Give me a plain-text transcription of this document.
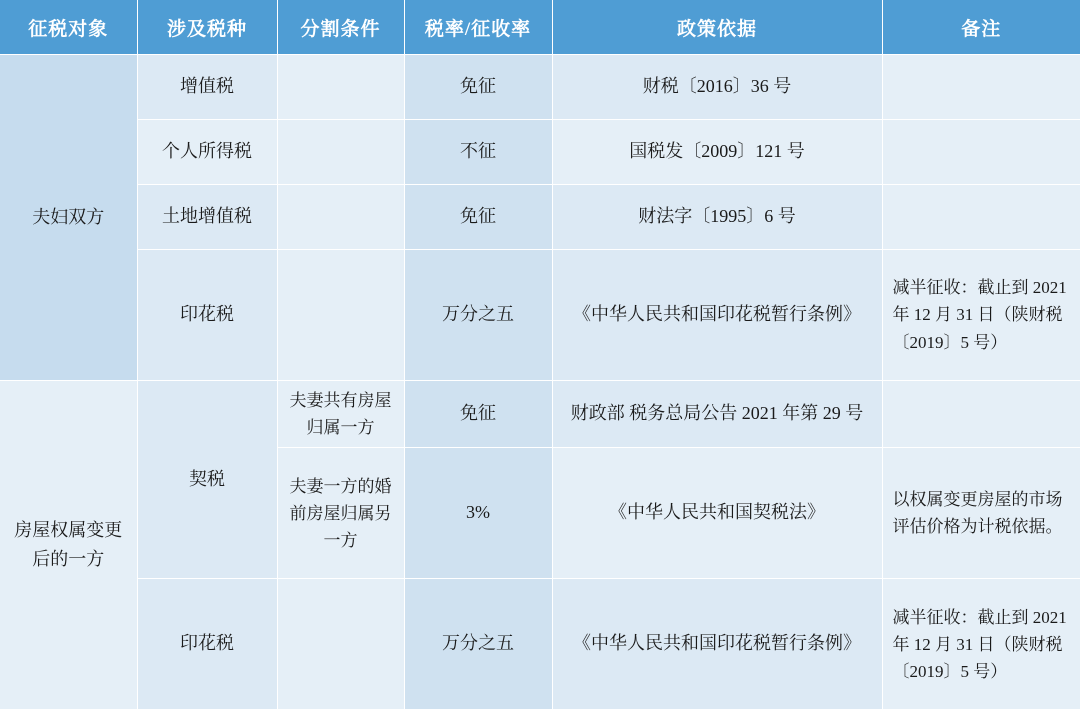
征税对象	涉及税种	分割条件	税率/征收率	政策依据	备注
夫妇双方	增值税		免征	财税〔2016〕36 号	
	个人所得税		不征	国税发〔2009〕121 号	
	土地增值税		免征	财法字〔1995〕6 号	
	印花税		万分之五	《中华人民共和国印花税暂行条例》	减半征收：截止到 2021 年 12 月 31 日（陕财税〔2019〕5 号）
房屋权属变更后的一方	契税	夫妻共有房屋归属一方	免征	财政部 税务总局公告 2021 年第 29 号	
		夫妻一方的婚前房屋归属另一方	3%	《中华人民共和国契税法》	以权属变更房屋的市场评估价格为计税依据。
	印花税		万分之五	《中华人民共和国印花税暂行条例》	减半征收：截止到 2021 年 12 月 31 日（陕财税〔2019〕5 号）
